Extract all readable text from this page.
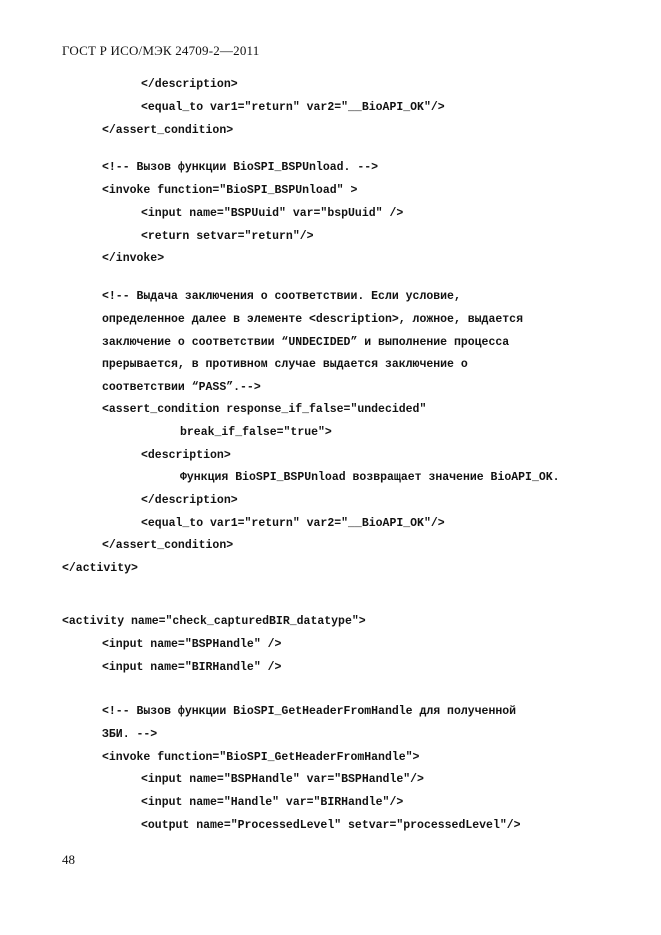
ГОСТ Р ИСО/МЭК 24709-2—2011
</description>
<equal_to var1="return" var2="__BioAPI_OK"/>
</assert_condition>
<!-- Вызов функции BioSPI_BSPUnload. -->
<invoke function="BioSPI_BSPUnload" >
<input name="BSPUuid" var="bspUuid" />
<return setvar="return"/>
</invoke>
<!-- Выдача заключения о соответствии. Если условие,
определенное далее в элементе <description>, ложное, выдается
заключение о соответствии “UNDECIDED” и выполнение процесса
прерывается, в противном случае выдается заключение о
соответствии “PASS”.-->
<assert_condition response_if_false="undecided"
break_if_false="true">
<description>
Функция BioSPI_BSPUnload возвращает значение BioAPI_OK.
</description>
<equal_to var1="return" var2="__BioAPI_OK"/>
</assert_condition>
</activity>
<activity name="check_capturedBIR_datatype">
<input name="BSPHandle" />
<input name="BIRHandle" />
<!-- Вызов функции BioSPI_GetHeaderFromHandle для полученной
ЗБИ. -->
<invoke function="BioSPI_GetHeaderFromHandle">
<input name="BSPHandle" var="BSPHandle"/>
<input name="Handle" var="BIRHandle"/>
<output name="ProcessedLevel" setvar="processedLevel"/>
48
